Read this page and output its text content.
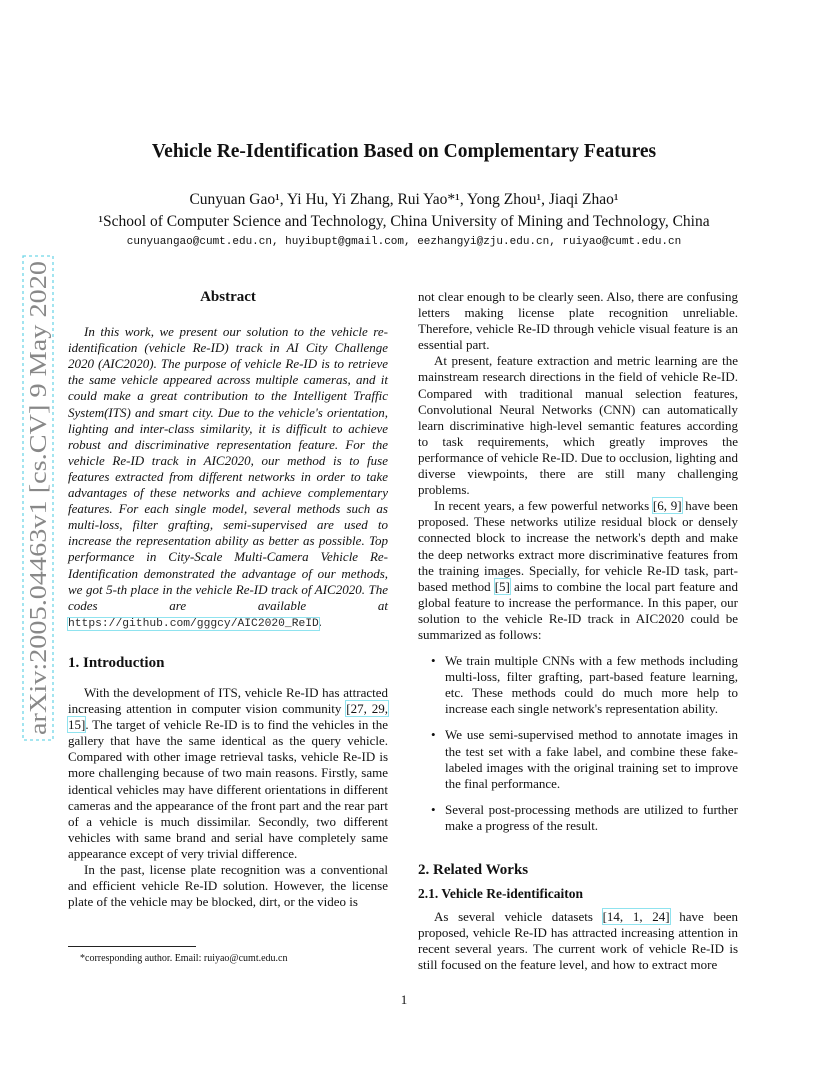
arXiv:2005.04463v1 [cs.CV] 9 May 2020
Vehicle Re-Identification Based on Complementary Features
Cunyuan Gao¹, Yi Hu, Yi Zhang, Rui Yao*¹, Yong Zhou¹, Jiaqi Zhao¹
¹School of Computer Science and Technology, China University of Mining and Technology, China
cunyuangao@cumt.edu.cn, huyibupt@gmail.com, eezhangyi@zju.edu.cn, ruiyao@cumt.edu.cn
Abstract

In this work, we present our solution to the vehicle re-identification (vehicle Re-ID) track in AI City Challenge 2020 (AIC2020). The purpose of vehicle Re-ID is to retrieve the same vehicle appeared across multiple cameras, and it could make a great contribution to the Intelligent Traffic System(ITS) and smart city. Due to the vehicle's orientation, lighting and inter-class similarity, it is difficult to achieve robust and discriminative representation feature. For the vehicle Re-ID track in AIC2020, our method is to fuse features extracted from different networks in order to take advantages of these networks and achieve complementary features. For each single model, several methods such as multi-loss, filter grafting, semi-supervised are used to increase the representation ability as better as possible. Top performance in City-Scale Multi-Camera Vehicle Re-Identification demonstrated the advantage of our methods, we got 5-th place in the vehicle Re-ID track of AIC2020. The codes are available at https://github.com/gggcy/AIC2020_ReID.

1. Introduction

With the development of ITS, vehicle Re-ID has attracted increasing attention in computer vision community [27, 29, 15]. The target of vehicle Re-ID is to find the vehicles in the gallery that have the same identical as the query vehicle. Compared with other image retrieval tasks, vehicle Re-ID is more challenging because of two main reasons. Firstly, same identical vehicles may have different orientations in different cameras and the appearance of the front part and the rear part of a vehicle is much dissimilar. Secondly, two different vehicles with same brand and serial have completely same appearance except of very trivial difference.

In the past, license plate recognition was a conventional and efficient vehicle Re-ID solution. However, the license plate of the vehicle may be blocked, dirt, or the video is

not clear enough to be clearly seen. Also, there are confusing letters making license plate recognition unreliable. Therefore, vehicle Re-ID through vehicle visual feature is an essential part.

At present, feature extraction and metric learning are the mainstream research directions in the field of vehicle Re-ID. Compared with traditional manual selection features, Convolutional Neural Networks (CNN) can automatically learn discriminative high-level semantic features according to task requirements, which greatly improves the performance of vehicle Re-ID. Due to occlusion, lighting and diverse viewpoints, there are still many challenging problems.

In recent years, a few powerful networks [6, 9] have been proposed. These networks utilize residual block or densely connected block to increase the network's depth and make the deep networks extract more discriminative features from the training images. Specially, for vehicle Re-ID task, part-based method [5] aims to combine the local part feature and global feature to increase the performance. In this paper, our solution to the vehicle Re-ID track in AIC2020 could be summarized as follows:

• We train multiple CNNs with a few methods including multi-loss, filter grafting, part-based feature learning, etc. These methods could do much more help to increase each single network's representation ability.
• We use semi-supervised method to annotate images in the test set with a fake label, and combine these fake-labeled images with the original training set to improve the final performance.
• Several post-processing methods are utilized to further make a progress of the result.
2. Related Works
2.1. Vehicle Re-identificaiton

As several vehicle datasets [14, 1, 24] have been proposed, vehicle Re-ID has attracted increasing attention in recent several years. The current work of vehicle Re-ID is still focused on the feature level, and how to extract more

*corresponding author. Email: ruiyao@cumt.edu.cn
1
